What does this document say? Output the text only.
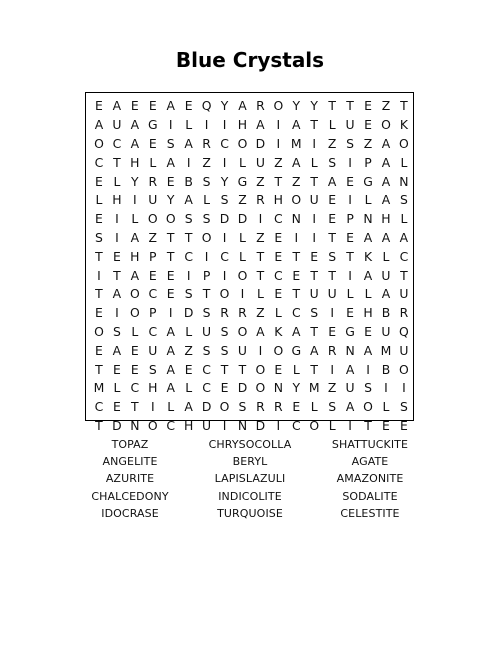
Blue Crystals
E A E E A E Q Y A R O Y Y T T E Z T
A U A G I	L	I	I H A I A T L U E O K
O C A E S A R C O D I M I Z S Z A O
C T H L A I Z I	L U Z A L S I P A L
E L Y R E B S Y G Z T Z T A E G A N
L H I U Y A L S Z R H O U E I	L A S
E I	L O O S S D D I C N I E P N H L
S I A Z T T O I	L Z E I	I T E A A A
T E H P T C I C L T E T E S T K L C
I T A E E I P I O T C E T T I A U T
T A O C E S T O I	L E T U U L L A U
E I O P I D S R R Z L C S I E H B R
O S L C A L U S O A K A T E G E U Q
E A E U A Z S S U I O G A R N A M U
T E E S A E C T T O E L T I A I B O
M L C H A L C E D O N Y M Z U S I	I
C E T I	L A D O S R R E L S A O L S
T D N O C H U I N D I C O L	I T E E
TOPAZ
ANGELITE
AZURITE
CHALCEDONY
IDOCRASE
CHRYSOCOLLA
BERYL
LAPISLAZULI
INDICOLITE
TURQUOISE
SHATTUCKITE
AGATE
AMAZONITE
SODALITE
CELESTITE
